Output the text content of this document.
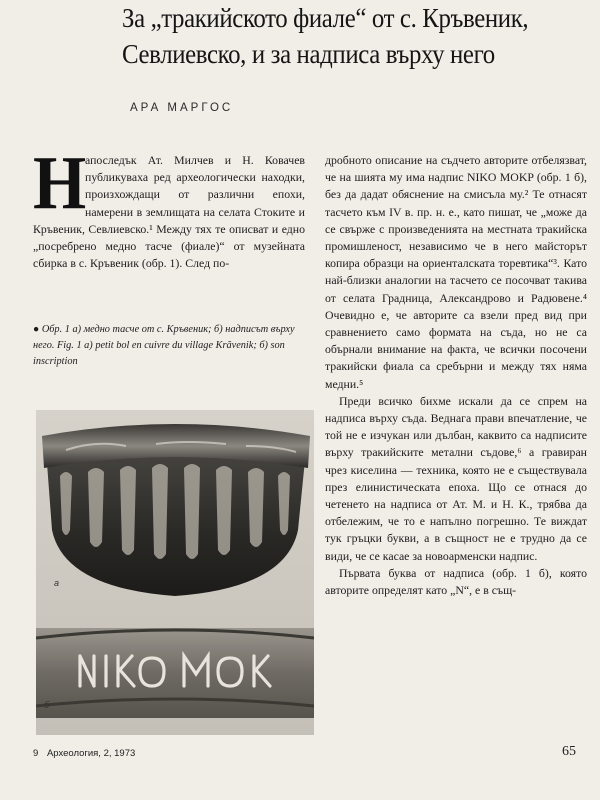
За „тракийското фиале“ от с. Кръвеник,
Севлиевско, и за надписа върху него
АРА МАРГОС
Н

апоследък Ат. Милчев и Н. Ковачев публикуваха ред археологически находки, произхождащи от различни епохи, намерени в землищата на селата Стоките и Кръвеник, Севлиевско.¹ Между тях те описват и едно „посребрено медно тасче (фиале)“ от музейната сбирка в с. Кръвеник (обр. 1). След по-

● Обр. 1 а) медно тасче от с. Кръвеник; б) надписът върху него. Fig. 1 a) petit bol en cuivre du village Krăvenik; б) son inscription
а
б

дробното описание на съдчето авторите отбелязват, че на шията му има надпис NIKO MOKP (обр. 1 б), без да дадат обяснение на смисъла му.² Те отнасят тасчето към IV в. пр. н. е., като пишат, че „може да се свърже с произведенията на местната тракийска промишленост, независимо че в него майсторът копира образци на ориенталската торевтика“³. Като най-близки аналогии на тасчето се посочват такива от селата Градница, Александрово и Радювене.⁴ Очевидно е, че авторите са взели пред вид при сравнението само формата на съда, но не са обърнали внимание на факта, че всички посочени тракийски фиала са сребърни и между тях няма медни.⁵

Преди всичко бихме искали да се спрем на надписа върху съда. Веднага прави впечатление, че той не е изчукан или дълбан, каквито са надписите върху тракийските метални съдове,⁶ а гравиран чрез киселина — техника, която не е съществувала през елинистическата епоха. Що се отнася до четенето на надписа от Ат. М. и Н. К., трябва да отбележим, че то е напълно погрешно. Те виждат тук гръцки букви, а в същност не е трудно да се види, че се касае за новоарменски надпис.

Първата буква от надписа (обр. 1 б), която авторите определят като „N“, е в същ-

9 Археология, 2, 1973	65
